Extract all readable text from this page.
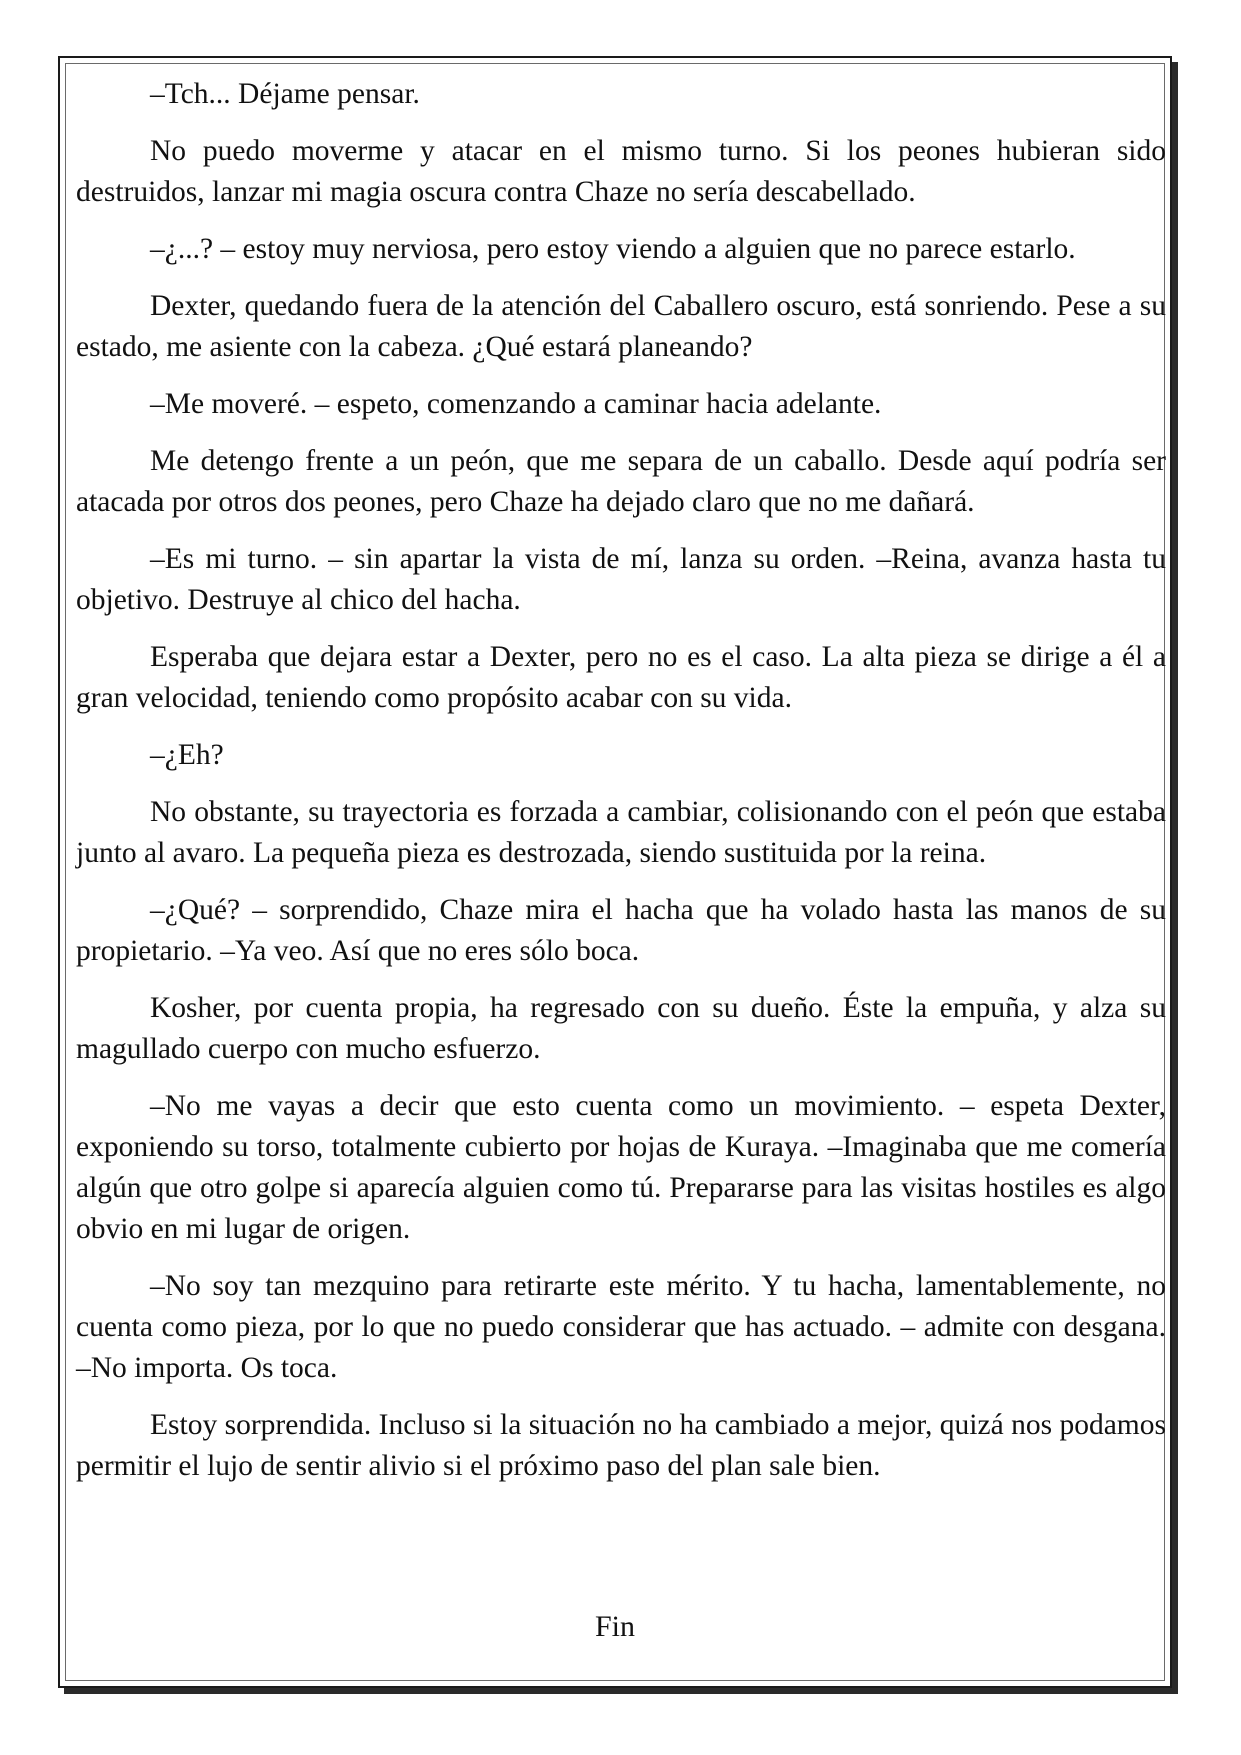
–Tch... Déjame pensar.

No puedo moverme y atacar en el mismo turno. Si los peones hubieran sido destruidos, lanzar mi magia oscura contra Chaze no sería descabellado.

–¿...? – estoy muy nerviosa, pero estoy viendo a alguien que no parece estarlo.

Dexter, quedando fuera de la atención del Caballero oscuro, está sonriendo. Pese a su estado, me asiente con la cabeza. ¿Qué estará planeando?

–Me moveré. – espeto, comenzando a caminar hacia adelante.

Me detengo frente a un peón, que me separa de un caballo. Desde aquí podría ser atacada por otros dos peones, pero Chaze ha dejado claro que no me dañará.

–Es mi turno. – sin apartar la vista de mí, lanza su orden. –Reina, avanza hasta tu objetivo. Destruye al chico del hacha.

Esperaba que dejara estar a Dexter, pero no es el caso. La alta pieza se dirige a él a gran velocidad, teniendo como propósito acabar con su vida.

–¿Eh?

No obstante, su trayectoria es forzada a cambiar, colisionando con el peón que estaba junto al avaro. La pequeña pieza es destrozada, siendo sustituida por la reina.

–¿Qué? – sorprendido, Chaze mira el hacha que ha volado hasta las manos de su propietario. –Ya veo. Así que no eres sólo boca.

Kosher, por cuenta propia, ha regresado con su dueño. Éste la empuña, y alza su magullado cuerpo con mucho esfuerzo.

–No me vayas a decir que esto cuenta como un movimiento. – espeta Dexter, exponiendo su torso, totalmente cubierto por hojas de Kuraya. –Imaginaba que me comería algún que otro golpe si aparecía alguien como tú. Prepararse para las visitas hostiles es algo obvio en mi lugar de origen.

–No soy tan mezquino para retirarte este mérito. Y tu hacha, lamentablemente, no cuenta como pieza, por lo que no puedo considerar que has actuado. – admite con desgana. –No importa. Os toca.

Estoy sorprendida. Incluso si la situación no ha cambiado a mejor, quizá nos podamos permitir el lujo de sentir alivio si el próximo paso del plan sale bien.

Fin
